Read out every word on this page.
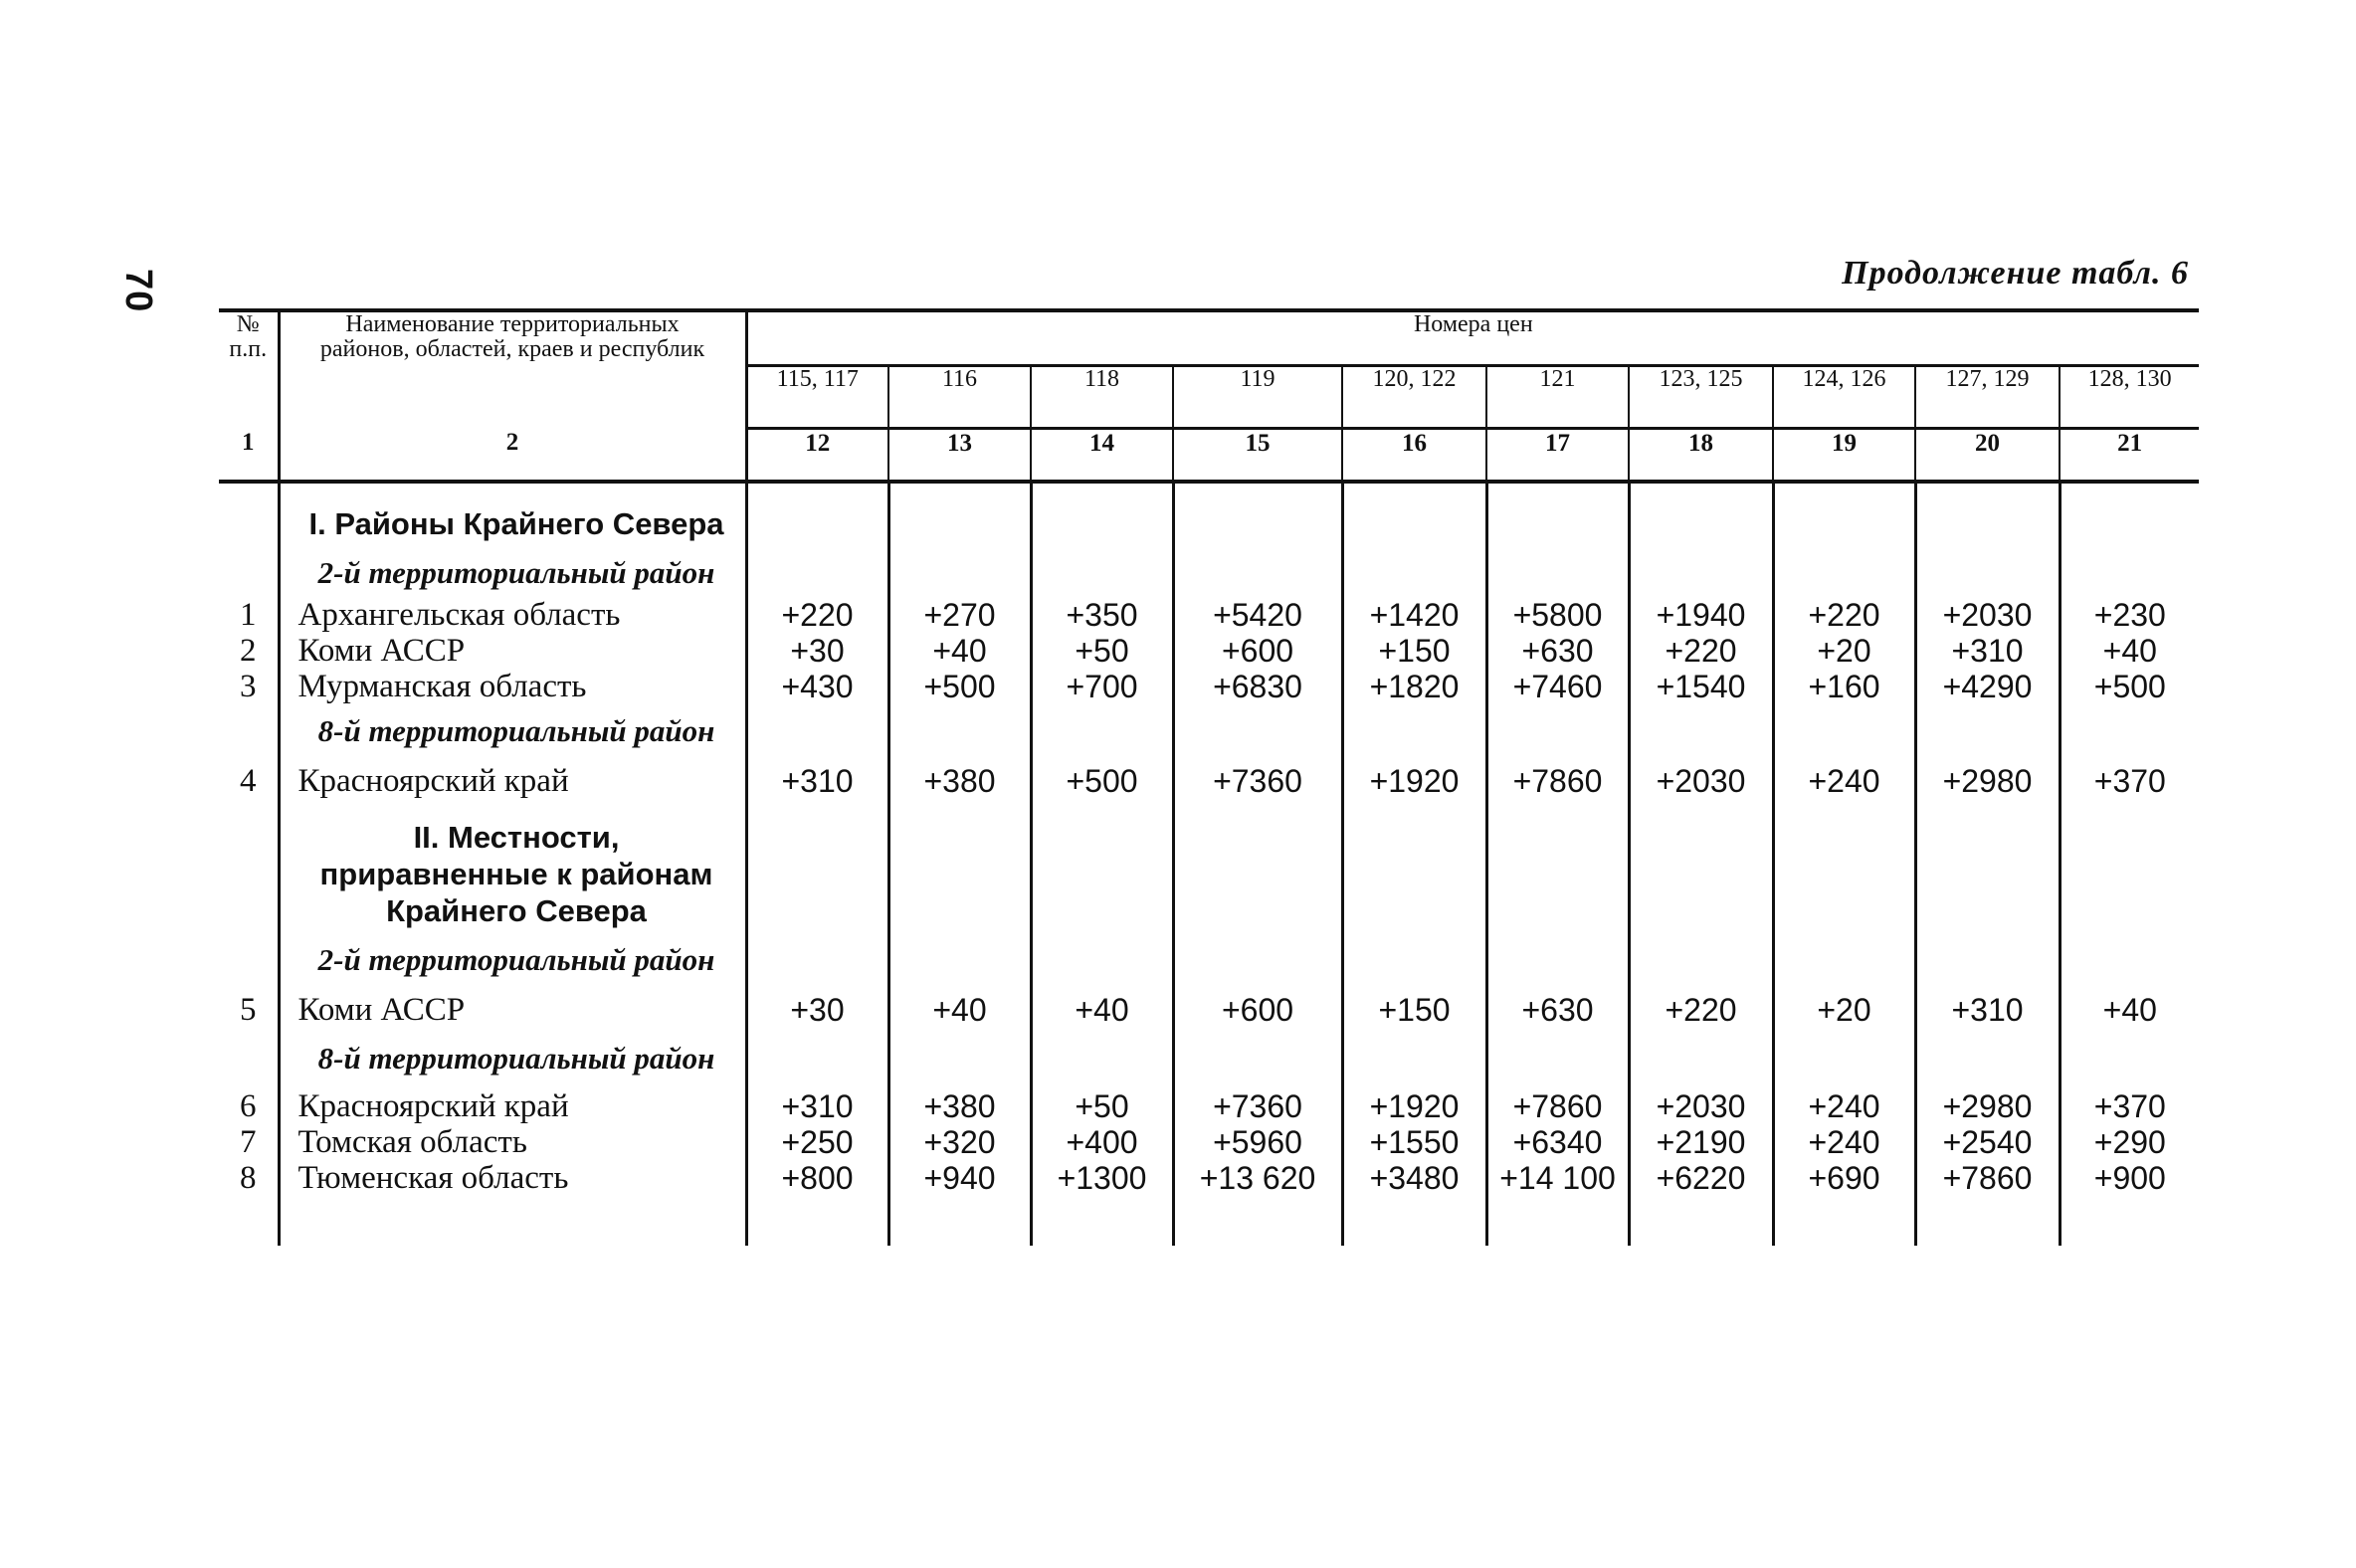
70	Продолжение табл. 6
№ п.п.	Наименование территориальных районов, областей, краев и республик	Номера цен									
		115, 117	116	118	119	120, 122	121	123, 125	124, 126	127, 129	128, 130
1	2	12	13	14	15	16	17	18	19	20	21

	I. Районы Крайнего Севера										

	2-й территориальный район										

1	Архангельская область	+220	+270	+350	+5420	+1420	+5800	+1940	+220	+2030	+230
2	Коми АССР	+30	+40	+50	+600	+150	+630	+220	+20	+310	+40
3	Мурманская область	+430	+500	+700	+6830	+1820	+7460	+1540	+160	+4290	+500

	8-й территориальный район										

4	Красноярский край	+310	+380	+500	+7360	+1920	+7860	+2030	+240	+2980	+370

	II. Местности, приравненные к районам Крайнего Севера										

	2-й территориальный район										

5	Коми АССР	+30	+40	+40	+600	+150	+630	+220	+20	+310	+40

	8-й территориальный район										

6	Красноярский край	+310	+380	+50	+7360	+1920	+7860	+2030	+240	+2980	+370
7	Томская область	+250	+320	+400	+5960	+1550	+6340	+2190	+240	+2540	+290
8	Тюменская область	+800	+940	+1300	+13 620	+3480	+14 100	+6220	+690	+7860	+900
